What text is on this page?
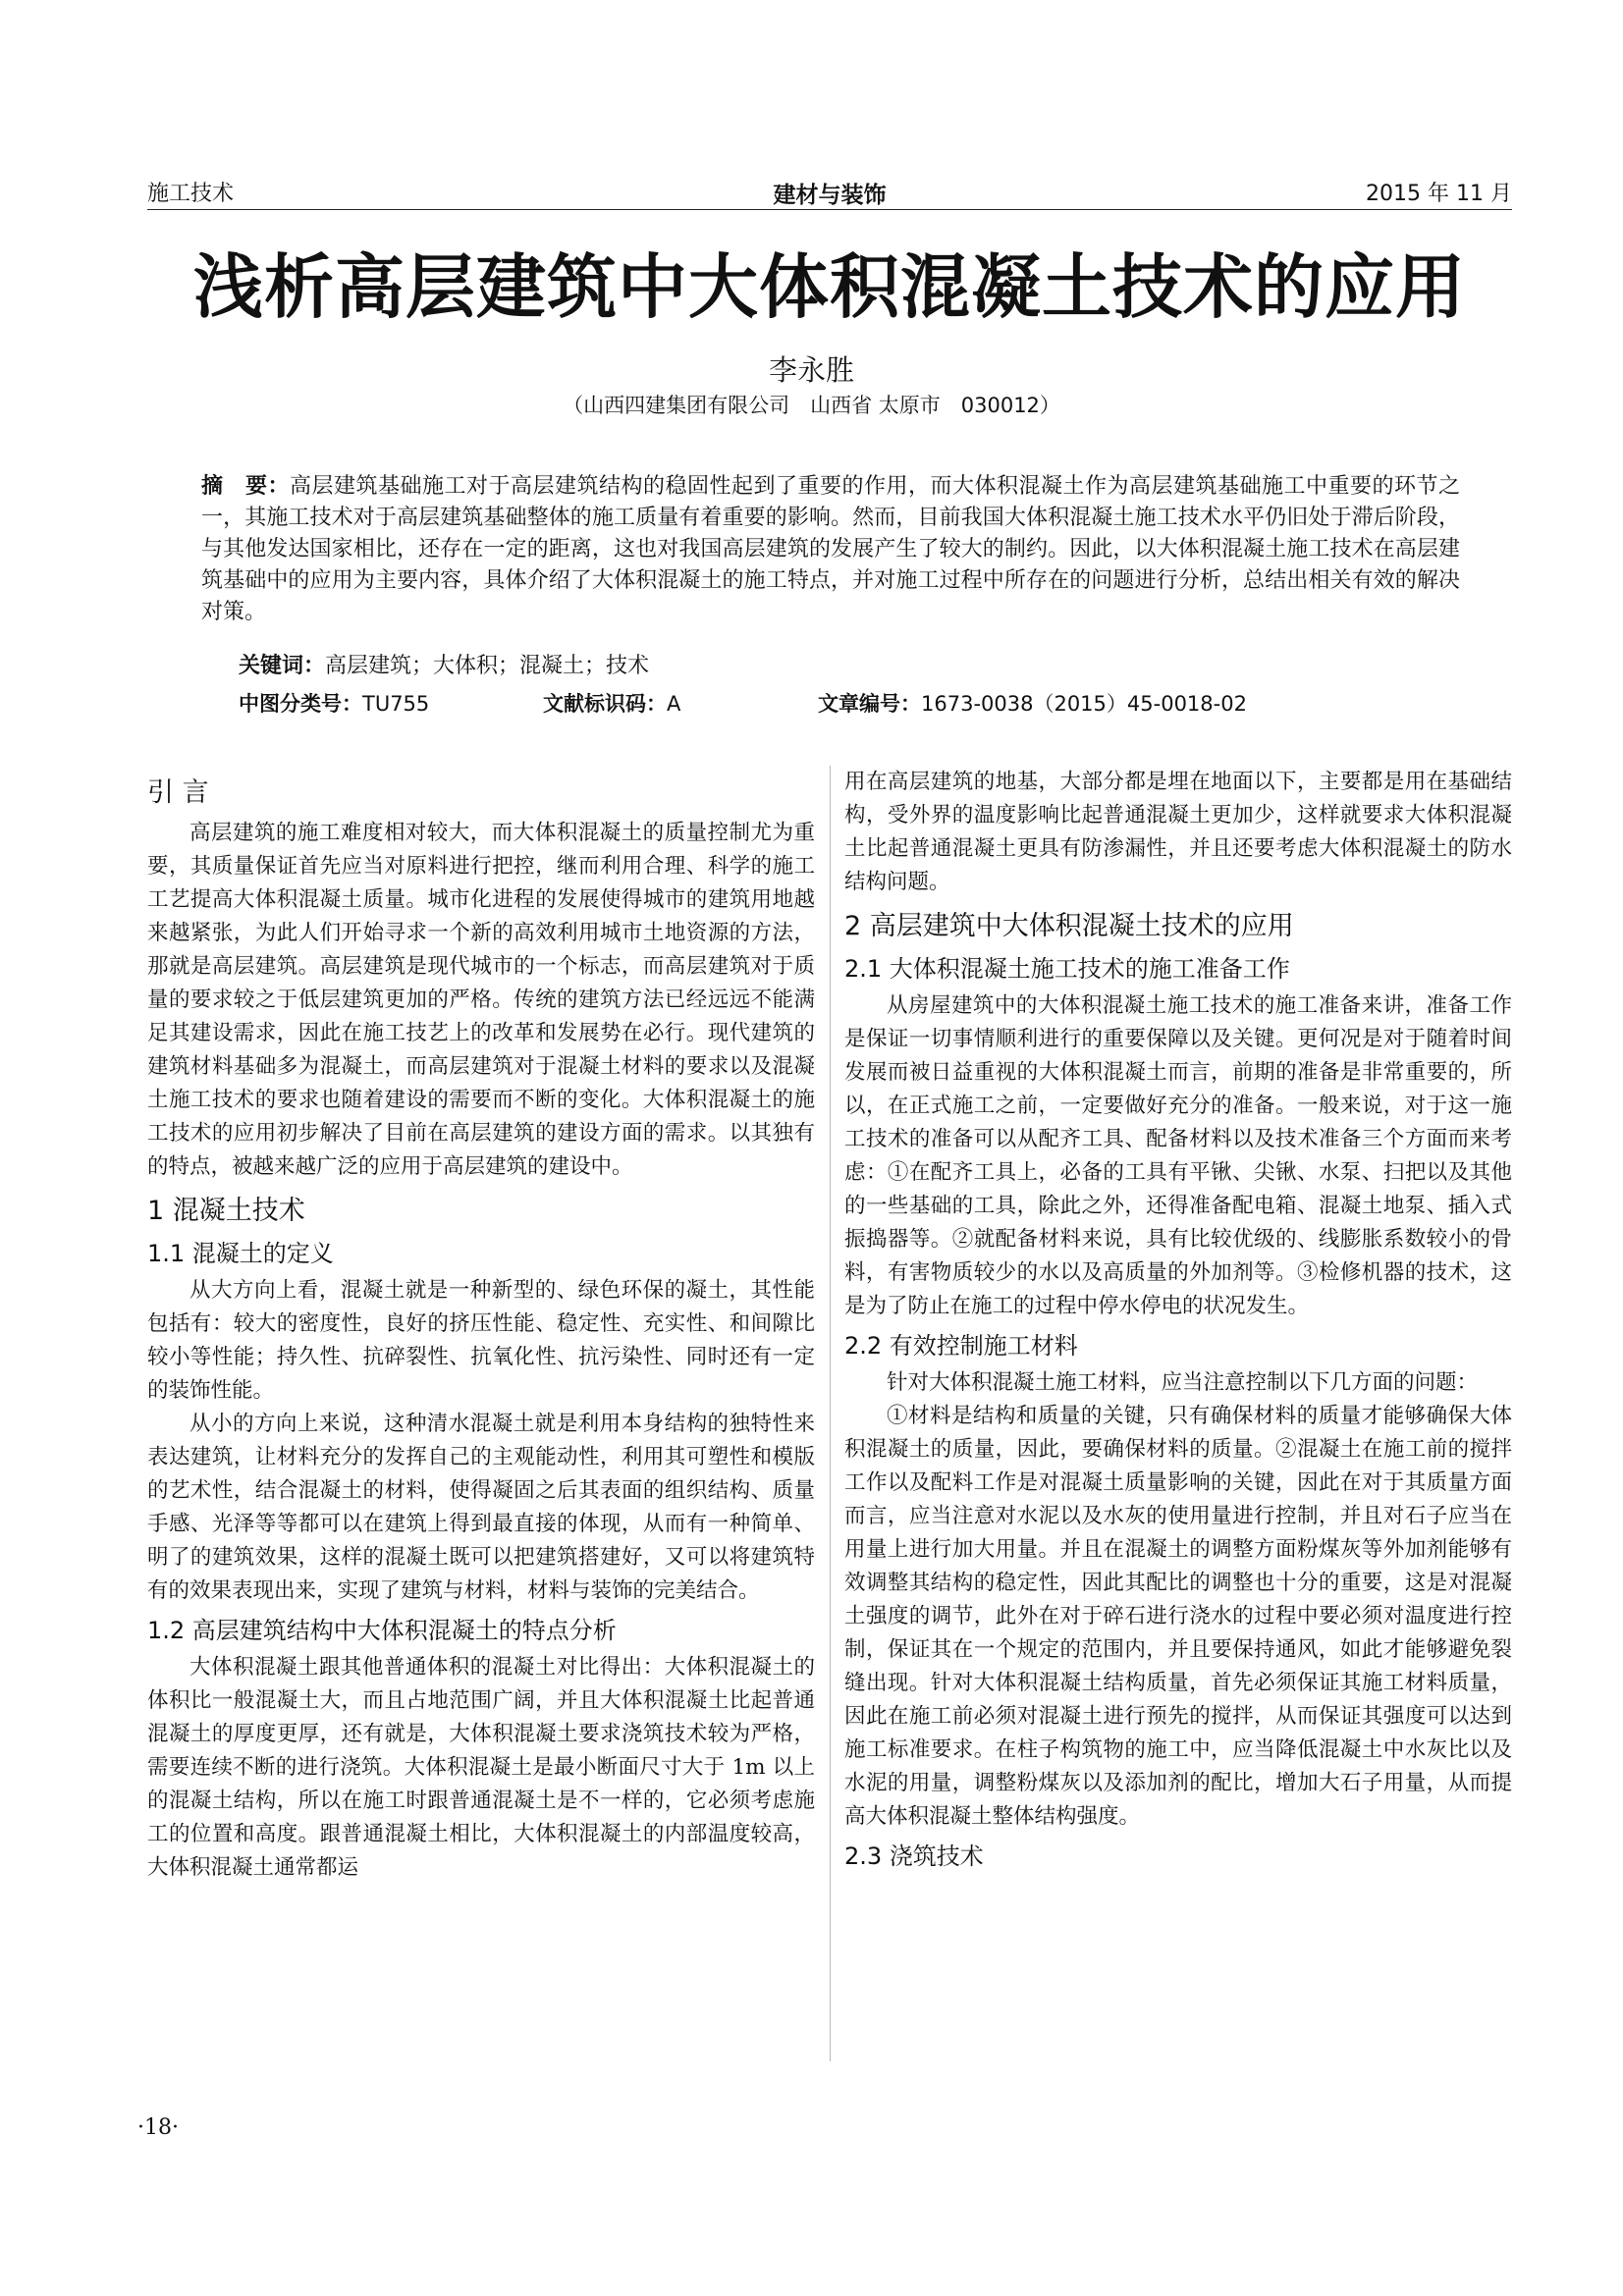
施工技术	建材与装饰	2015 年 11 月
浅析高层建筑中大体积混凝土技术的应用
李永胜
（山西四建集团有限公司　山西省 太原市　030012）
摘　要：高层建筑基础施工对于高层建筑结构的稳固性起到了重要的作用，而大体积混凝土作为高层建筑基础施工中重要的环节之一，其施工技术对于高层建筑基础整体的施工质量有着重要的影响。然而，目前我国大体积混凝土施工技术水平仍旧处于滞后阶段，与其他发达国家相比，还存在一定的距离，这也对我国高层建筑的发展产生了较大的制约。因此，以大体积混凝土施工技术在高层建筑基础中的应用为主要内容，具体介绍了大体积混凝土的施工特点，并对施工过程中所存在的问题进行分析，总结出相关有效的解决对策。
关键词：高层建筑；大体积；混凝土；技术
中图分类号：TU755	文献标识码：A	文章编号：1673-0038（2015）45-0018-02
引 言

高层建筑的施工难度相对较大，而大体积混凝土的质量控制尤为重要，其质量保证首先应当对原料进行把控，继而利用合理、科学的施工工艺提高大体积混凝土质量。城市化进程的发展使得城市的建筑用地越来越紧张，为此人们开始寻求一个新的高效利用城市土地资源的方法，那就是高层建筑。高层建筑是现代城市的一个标志，而高层建筑对于质量的要求较之于低层建筑更加的严格。传统的建筑方法已经远远不能满足其建设需求，因此在施工技艺上的改革和发展势在必行。现代建筑的建筑材料基础多为混凝土，而高层建筑对于混凝土材料的要求以及混凝土施工技术的要求也随着建设的需要而不断的变化。大体积混凝土的施工技术的应用初步解决了目前在高层建筑的建设方面的需求。以其独有的特点，被越来越广泛的应用于高层建筑的建设中。

1 混凝土技术
1.1 混凝土的定义

从大方向上看，混凝土就是一种新型的、绿色环保的凝土，其性能包括有：较大的密度性，良好的挤压性能、稳定性、充实性、和间隙比较小等性能；持久性、抗碎裂性、抗氧化性、抗污染性、同时还有一定的装饰性能。

从小的方向上来说，这种清水混凝土就是利用本身结构的独特性来表达建筑，让材料充分的发挥自己的主观能动性，利用其可塑性和模版的艺术性，结合混凝土的材料，使得凝固之后其表面的组织结构、质量手感、光泽等等都可以在建筑上得到最直接的体现，从而有一种简单、明了的建筑效果，这样的混凝土既可以把建筑搭建好，又可以将建筑特有的效果表现出来，实现了建筑与材料，材料与装饰的完美结合。

1.2 高层建筑结构中大体积混凝土的特点分析

大体积混凝土跟其他普通体积的混凝土对比得出：大体积混凝土的体积比一般混凝土大，而且占地范围广阔，并且大体积混凝土比起普通混凝土的厚度更厚，还有就是，大体积混凝土要求浇筑技术较为严格，需要连续不断的进行浇筑。大体积混凝土是最小断面尺寸大于 1m 以上的混凝土结构，所以在施工时跟普通混凝土是不一样的，它必须考虑施工的位置和高度。跟普通混凝土相比，大体积混凝土的内部温度较高，大体积混凝土通常都运

用在高层建筑的地基，大部分都是埋在地面以下，主要都是用在基础结构，受外界的温度影响比起普通混凝土更加少，这样就要求大体积混凝土比起普通混凝土更具有防渗漏性，并且还要考虑大体积混凝土的防水结构问题。

2 高层建筑中大体积混凝土技术的应用
2.1 大体积混凝土施工技术的施工准备工作

从房屋建筑中的大体积混凝土施工技术的施工准备来讲，准备工作是保证一切事情顺利进行的重要保障以及关键。更何况是对于随着时间发展而被日益重视的大体积混凝土而言，前期的准备是非常重要的，所以，在正式施工之前，一定要做好充分的准备。一般来说，对于这一施工技术的准备可以从配齐工具、配备材料以及技术准备三个方面而来考虑：①在配齐工具上，必备的工具有平锹、尖锹、水泵、扫把以及其他的一些基础的工具，除此之外，还得准备配电箱、混凝土地泵、插入式振捣器等。②就配备材料来说，具有比较优级的、线膨胀系数较小的骨料，有害物质较少的水以及高质量的外加剂等。③检修机器的技术，这是为了防止在施工的过程中停水停电的状况发生。

2.2 有效控制施工材料

针对大体积混凝土施工材料，应当注意控制以下几方面的问题：

①材料是结构和质量的关键，只有确保材料的质量才能够确保大体积混凝土的质量，因此，要确保材料的质量。②混凝土在施工前的搅拌工作以及配料工作是对混凝土质量影响的关键，因此在对于其质量方面而言，应当注意对水泥以及水灰的使用量进行控制，并且对石子应当在用量上进行加大用量。并且在混凝土的调整方面粉煤灰等外加剂能够有效调整其结构的稳定性，因此其配比的调整也十分的重要，这是对混凝土强度的调节，此外在对于碎石进行浇水的过程中要必须对温度进行控制，保证其在一个规定的范围内，并且要保持通风，如此才能够避免裂缝出现。针对大体积混凝土结构质量，首先必须保证其施工材料质量，因此在施工前必须对混凝土进行预先的搅拌，从而保证其强度可以达到施工标准要求。在柱子构筑物的施工中，应当降低混凝土中水灰比以及水泥的用量，调整粉煤灰以及添加剂的配比，增加大石子用量，从而提高大体积混凝土整体结构强度。

2.3 浇筑技术
·18·
